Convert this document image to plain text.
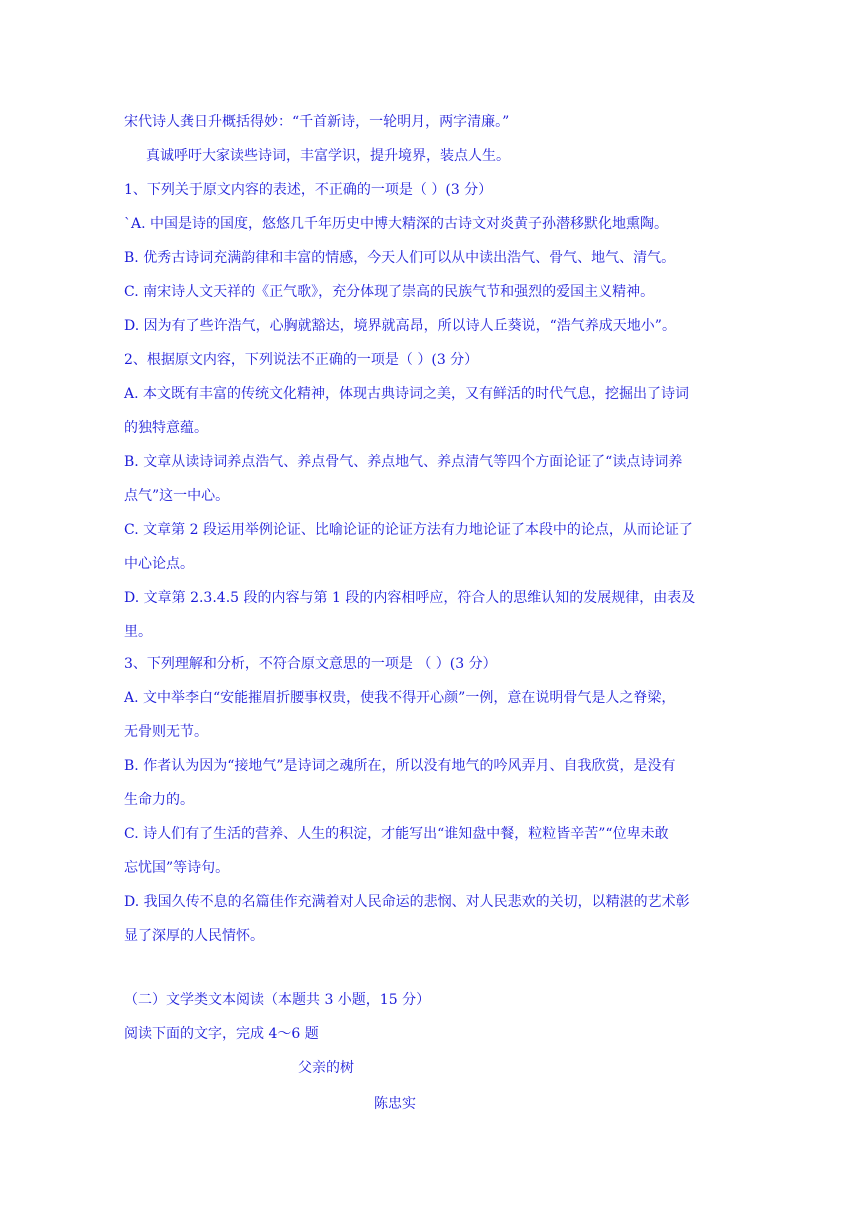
宋代诗人龚日升概括得妙：“千首新诗，一轮明月，两字清廉。”
真诚呼吁大家读些诗词，丰富学识，提升境界，装点人生。
1、下列关于原文内容的表述，不正确的一项是（ ）(3 分）
`A. 中国是诗的国度，悠悠几千年历史中博大精深的古诗文对炎黄子孙潜移默化地熏陶。
B. 优秀古诗词充满韵律和丰富的情感，今天人们可以从中读出浩气、骨气、地气、清气。
C. 南宋诗人文天祥的《正气歌》，充分体现了崇高的民族气节和强烈的爱国主义精神。
D. 因为有了些许浩气，心胸就豁达，境界就高昂，所以诗人丘葵说，“浩气养成天地小”。
2、根据原文内容，下列说法不正确的一项是（ ）(3 分）
A. 本文既有丰富的传统文化精神，体现古典诗词之美，又有鲜活的时代气息，挖掘出了诗词
的独特意蕴。
B. 文章从读诗词养点浩气、养点骨气、养点地气、养点清气等四个方面论证了“读点诗词养
点气”这一中心。
C. 文章第 2 段运用举例论证、比喻论证的论证方法有力地论证了本段中的论点，从而论证了
中心论点。
D. 文章第 2.3.4.5 段的内容与第 1 段的内容相呼应，符合人的思维认知的发展规律，由表及
里。
3、下列理解和分析，不符合原文意思的一项是 （ ）(3 分）
A. 文中举李白“安能摧眉折腰事权贵，使我不得开心颜”一例，意在说明骨气是人之脊梁，
无骨则无节。
B. 作者认为因为“接地气”是诗词之魂所在，所以没有地气的吟风弄月、自我欣赏，是没有
生命力的。
C. 诗人们有了生活的营养、人生的积淀，才能写出“谁知盘中餐，粒粒皆辛苦”“位卑未敢
忘忧国”等诗句。
D. 我国久传不息的名篇佳作充满着对人民命运的悲悯、对人民悲欢的关切，以精湛的艺术彰
显了深厚的人民情怀。
（二）文学类文本阅读（本题共 3 小题，15 分）
阅读下面的文字，完成 4～6 题
父亲的树
陈忠实
